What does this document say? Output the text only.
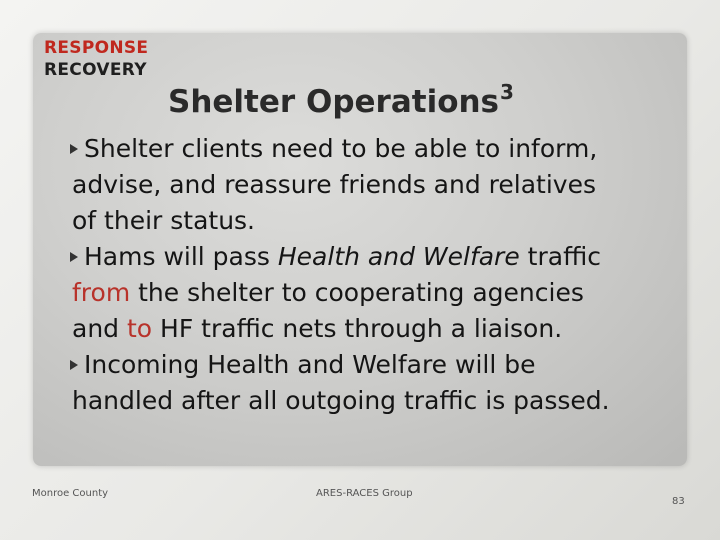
RESPONSE
RECOVERY
Shelter Operations$^3$
Shelter clients need to be able to inform,
advise, and reassure friends and relatives
of their status.
Hams will pass Health and Welfare traffic
from the shelter to cooperating agencies
and to HF traffic nets through a liaison.
Incoming Health and Welfare will be
handled after all outgoing traffic is passed.
Monroe County	ARES-RACES Group
83
